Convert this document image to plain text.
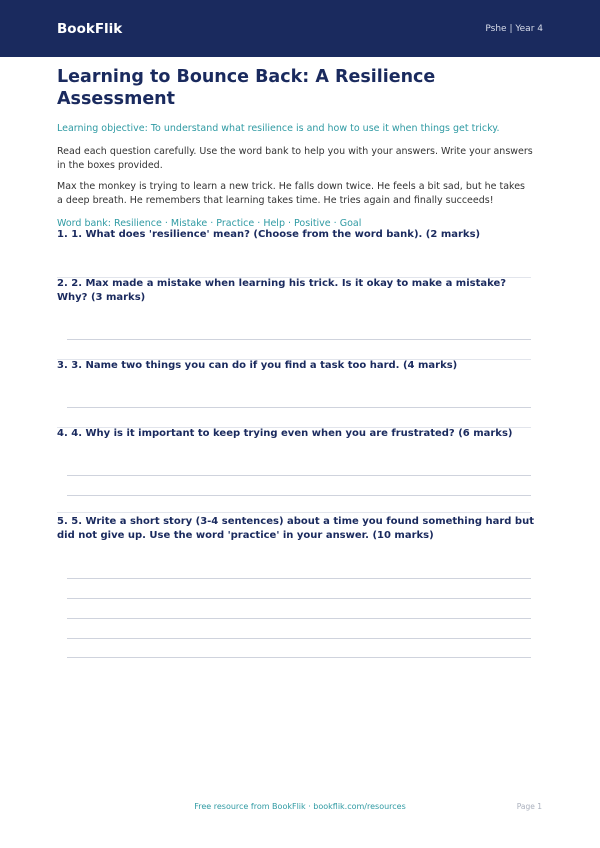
BookFlik	Pshe | Year 4
Learning to Bounce Back: A Resilience Assessment
Learning objective: To understand what resilience is and how to use it when things get tricky.
Read each question carefully. Use the word bank to help you with your answers. Write your answers in the boxes provided.
Max the monkey is trying to learn a new trick. He falls down twice. He feels a bit sad, but he takes a deep breath. He remembers that learning takes time. He tries again and finally succeeds!
Word bank: Resilience · Mistake · Practice · Help · Positive · Goal
1. 1. What does 'resilience' mean? (Choose from the word bank). (2 marks)
2. 2. Max made a mistake when learning his trick. Is it okay to make a mistake? Why? (3 marks)
3. 3. Name two things you can do if you find a task too hard. (4 marks)
4. 4. Why is it important to keep trying even when you are frustrated? (6 marks)
5. 5. Write a short story (3-4 sentences) about a time you found something hard but did not give up. Use the word 'practice' in your answer. (10 marks)
Free resource from BookFlik · bookflik.com/resources	Page 1
